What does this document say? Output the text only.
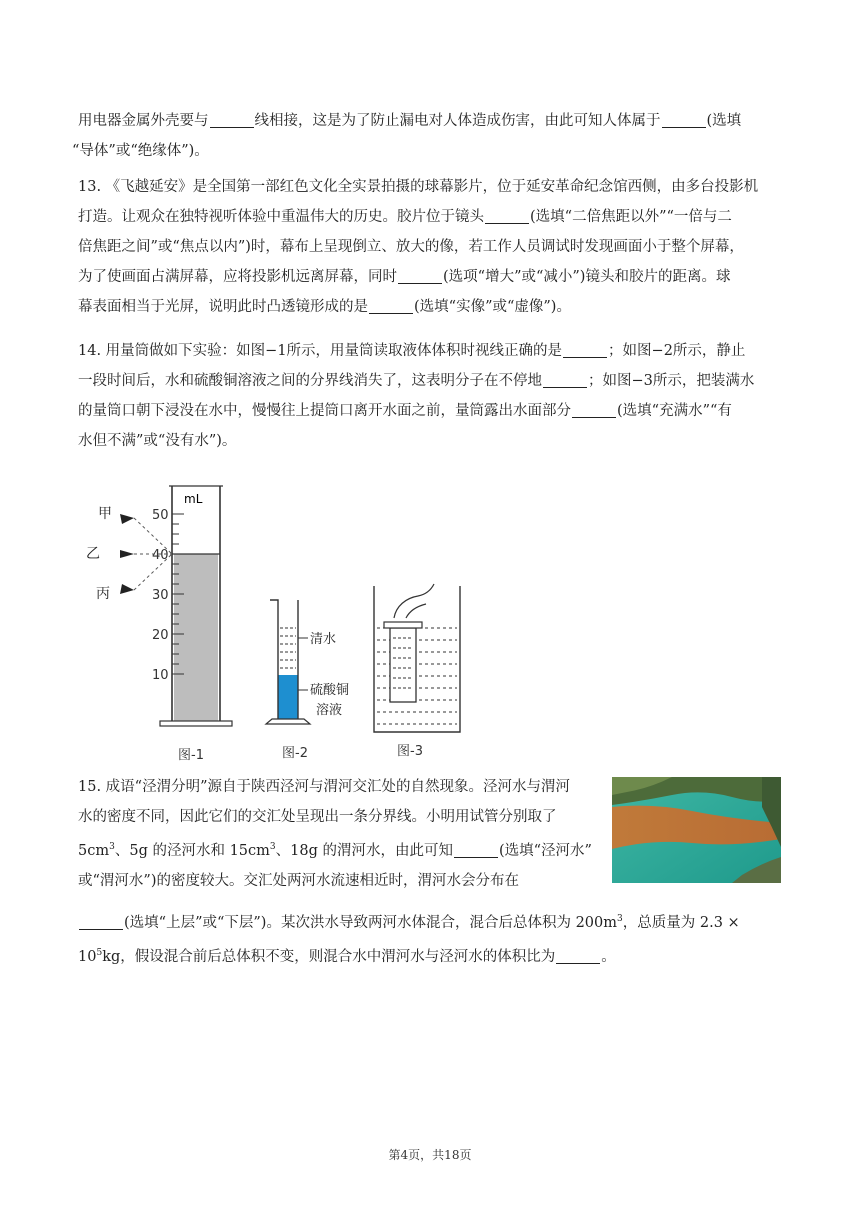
用电器金属外壳要与	线相接，这是为了防止漏电对人体造成伤害，由此可知人体属于	(选填

“导体”或“绝缘体”)。

13. 《飞越延安》是全国第一部红色文化全实景拍摄的球幕影片，位于延安革命纪念馆西侧，由多台投影机

打造。让观众在独特视听体验中重温伟大的历史。胶片位于镜头	(选填“二倍焦距以外”“一倍与二

倍焦距之间”或“焦点以内”)时，幕布上呈现倒立、放大的像，若工作人员调试时发现画面小于整个屏幕，

为了使画面占满屏幕，应将投影机远离屏幕，同时	(选项“增大”或“减小”)镜头和胶片的距离。球

幕表面相当于光屏，说明此时凸透镜形成的是	(选填“实像”或“虚像”)。

14. 用量筒做如下实验：如图−1所示，用量筒读取液体体积时视线正确的是	；如图−2所示，静止

一段时间后，水和硫酸铜溶液之间的分界线消失了，这表明分子在不停地	；如图−3所示，把装满水

的量筒口朝下浸没在水中，慢慢往上提筒口离开水面之前，量筒露出水面部分	(选填“充满水”“有

水但不满”或“没有水”)。

mL
50
40
30
20
10
甲
乙
丙
清水
硫酸铜
溶液
图-1	图-2	图-3

15. 成语“泾渭分明”源自于陕西泾河与渭河交汇处的自然现象。泾河水与渭河

水的密度不同，因此它们的交汇处呈现出一条分界线。小明用试管分别取了

$5cm^3$、5g 的泾河水和 $15cm^3$、18g 的渭河水，由此可知	(选填“泾河水”

或“渭河水”)的密度较大。交汇处两河水流速相近时，渭河水会分布在

(选填“上层”或“下层”)。某次洪水导致两河水体混合，混合后总体积为 $200m^3$，总质量为 2.3 ×

$10^5kg$，假设混合前后总体积不变，则混合水中渭河水与泾河水的体积比为	。

第4页，共18页
